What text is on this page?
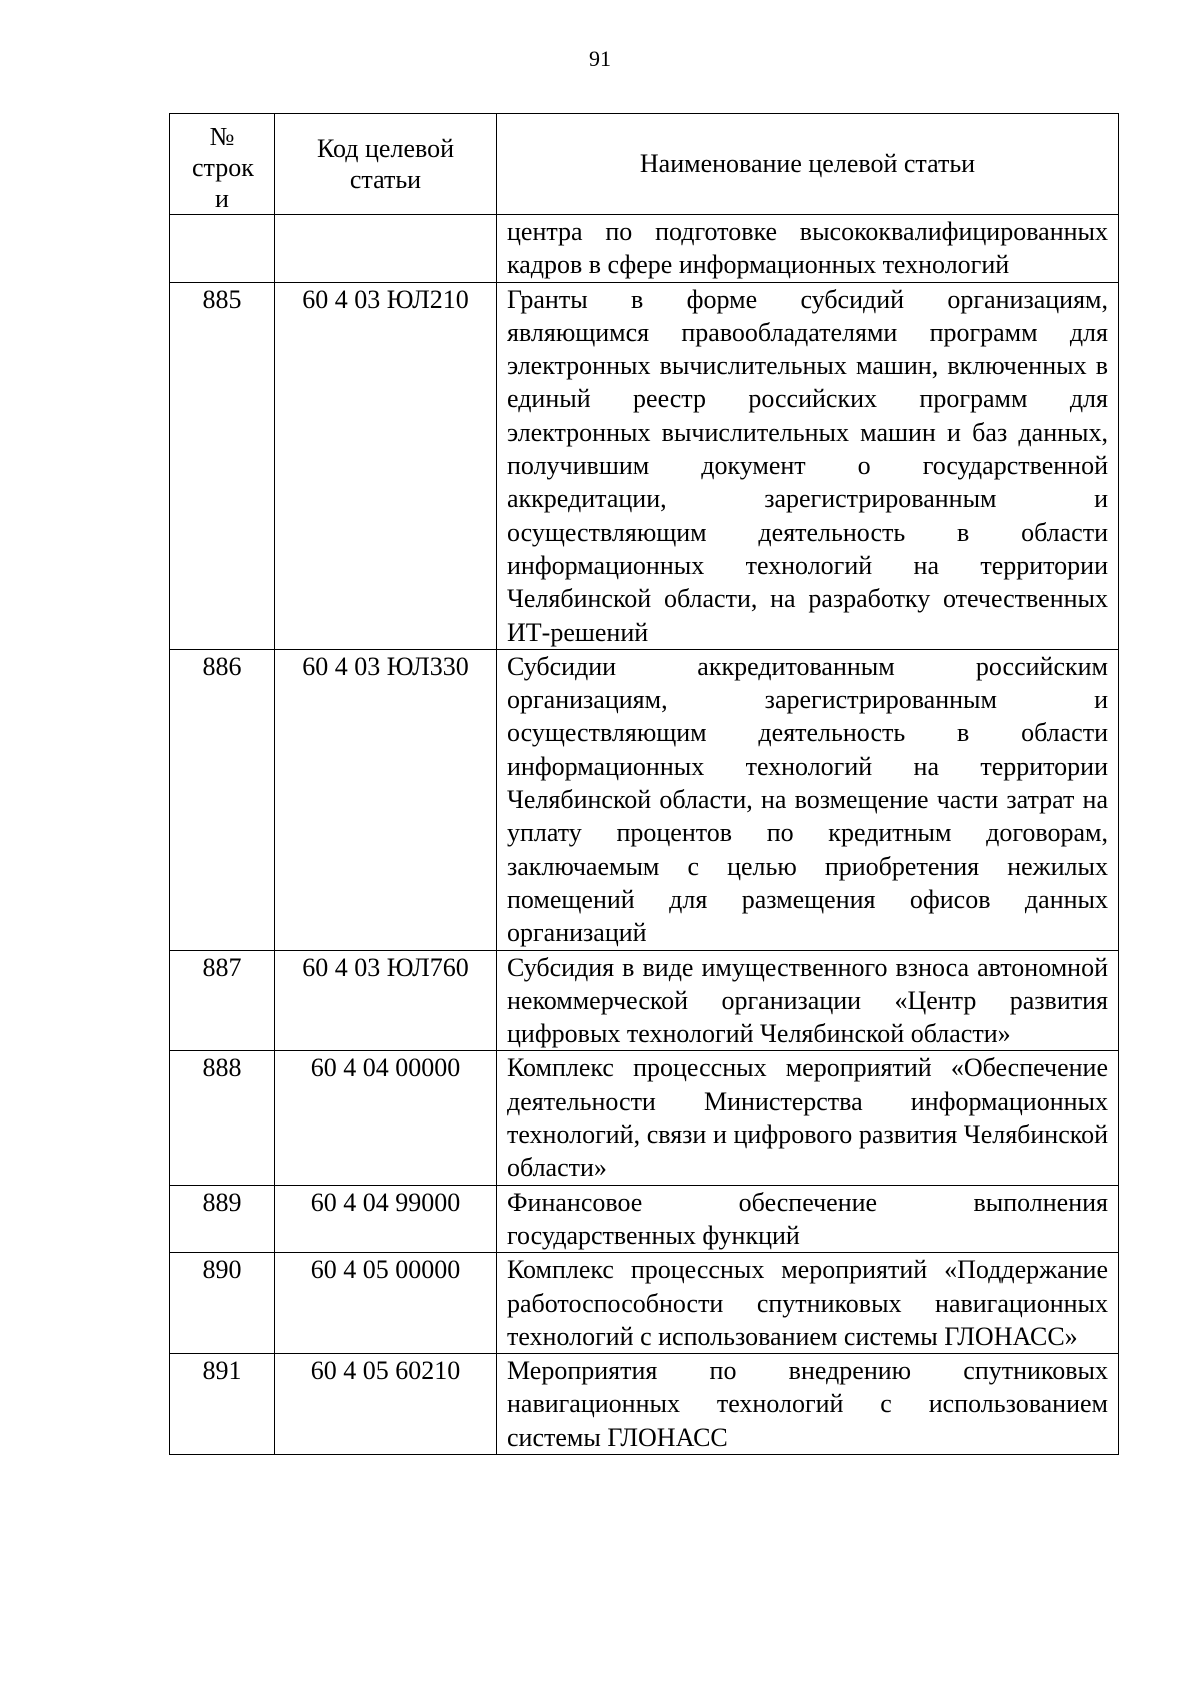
91
№ строк и	Код целевой статьи	Наименование целевой статьи
		центра по подготовке высококвалифицированных кадров в сфере информационных технологий
885	60 4 03 ЮЛ210	Гранты в форме субсидий организациям, являющимся правообладателями программ для электронных вычислительных машин, включенных в единый реестр российских программ для электронных вычислительных машин и баз данных, получившим документ о государственной аккредитации, зарегистрированным и осуществляющим деятельность в области информационных технологий на территории Челябинской области, на разработку отечественных ИТ-решений
886	60 4 03 ЮЛ330	Субсидии аккредитованным российским организациям, зарегистрированным и осуществляющим деятельность в области информационных технологий на территории Челябинской области, на возмещение части затрат на уплату процентов по кредитным договорам, заключаемым с целью приобретения нежилых помещений для размещения офисов данных организаций
887	60 4 03 ЮЛ760	Субсидия в виде имущественного взноса автономной некоммерческой организации «Центр развития цифровых технологий Челябинской области»
888	60 4 04 00000	Комплекс процессных мероприятий «Обеспечение деятельности Министерства информационных технологий, связи и цифрового развития Челябинской области»
889	60 4 04 99000	Финансовое обеспечение выполнения государственных функций
890	60 4 05 00000	Комплекс процессных мероприятий «Поддержание работоспособности спутниковых навигационных технологий с использованием системы ГЛОНАСС»
891	60 4 05 60210	Мероприятия по внедрению спутниковых навигационных технологий с использованием системы ГЛОНАСС
